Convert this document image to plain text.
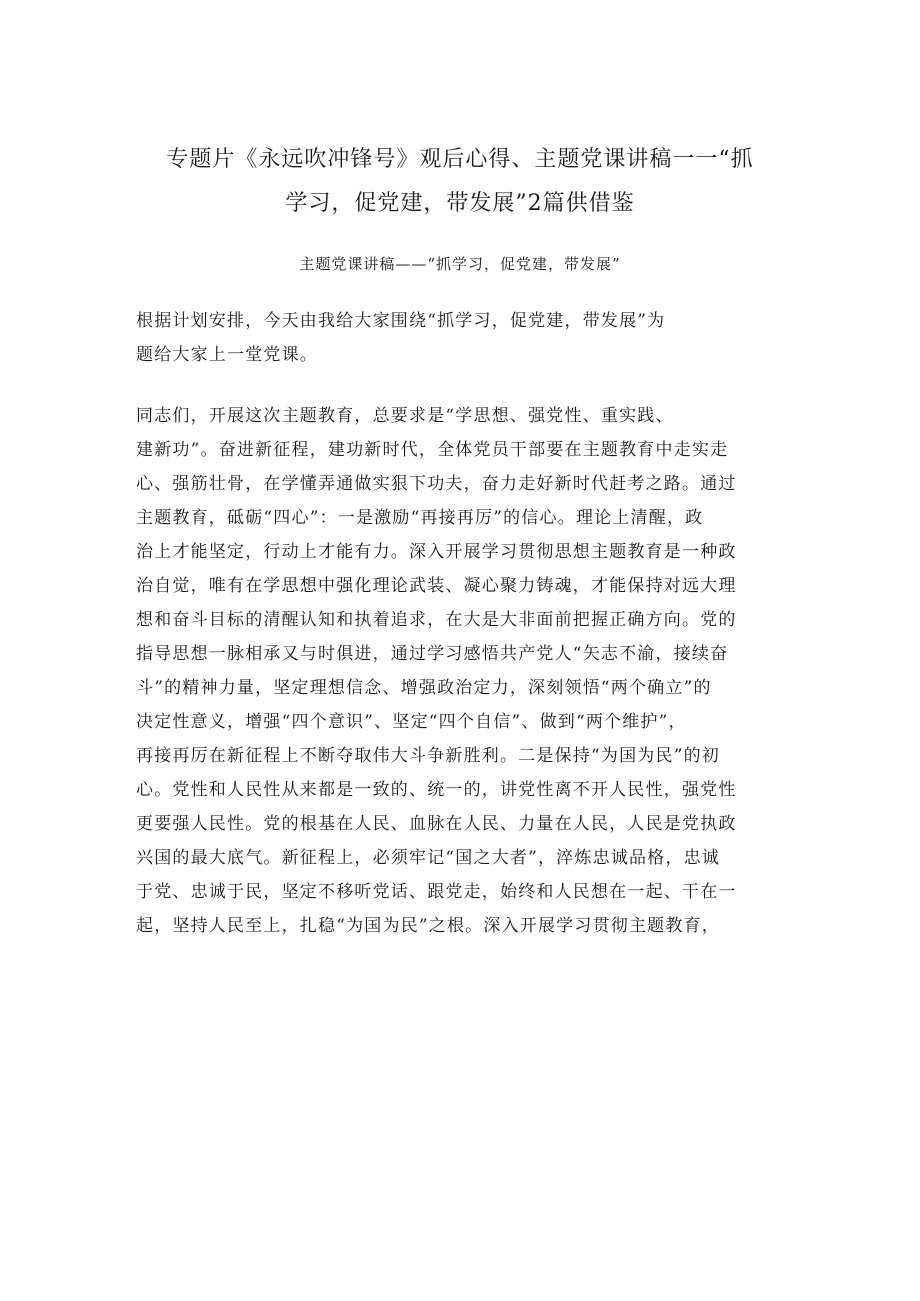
专题片《永远吹冲锋号》观后心得、主题党课讲稿一一“抓
学习，促党建，带发展”2篇供借鉴

主题党课讲稿——“抓学习，促党建，带发展”

根据计划安排，今天由我给大家围绕“抓学习，促党建，带发展”为
题给大家上一堂党课。
同志们，开展这次主题教育，总要求是“学思想、强党性、重实践、
建新功”。奋进新征程，建功新时代，全体党员干部要在主题教育中走实走
心、强筋壮骨，在学懂弄通做实狠下功夫，奋力走好新时代赶考之路。通过
主题教育，砥砺“四心”：一是激励“再接再厉”的信心。理论上清醒，政
治上才能坚定，行动上才能有力。深入开展学习贯彻思想主题教育是一种政
治自觉，唯有在学思想中强化理论武装、凝心聚力铸魂，才能保持对远大理
想和奋斗目标的清醒认知和执着追求，在大是大非面前把握正确方向。党的
指导思想一脉相承又与时俱进，通过学习感悟共产党人“矢志不渝，接续奋
斗”的精神力量，坚定理想信念、增强政治定力，深刻领悟“两个确立”的
决定性意义，增强“四个意识”、坚定“四个自信”、做到“两个维护”，
再接再厉在新征程上不断夺取伟大斗争新胜利。二是保持“为国为民”的初
心。党性和人民性从来都是一致的、统一的，讲党性离不开人民性，强党性
更要强人民性。党的根基在人民、血脉在人民、力量在人民，人民是党执政
兴国的最大底气。新征程上，必须牢记“国之大者”，淬炼忠诚品格，忠诚
于党、忠诚于民，坚定不移听党话、跟党走，始终和人民想在一起、干在一
起，坚持人民至上，扎稳“为国为民”之根。深入开展学习贯彻主题教育，
